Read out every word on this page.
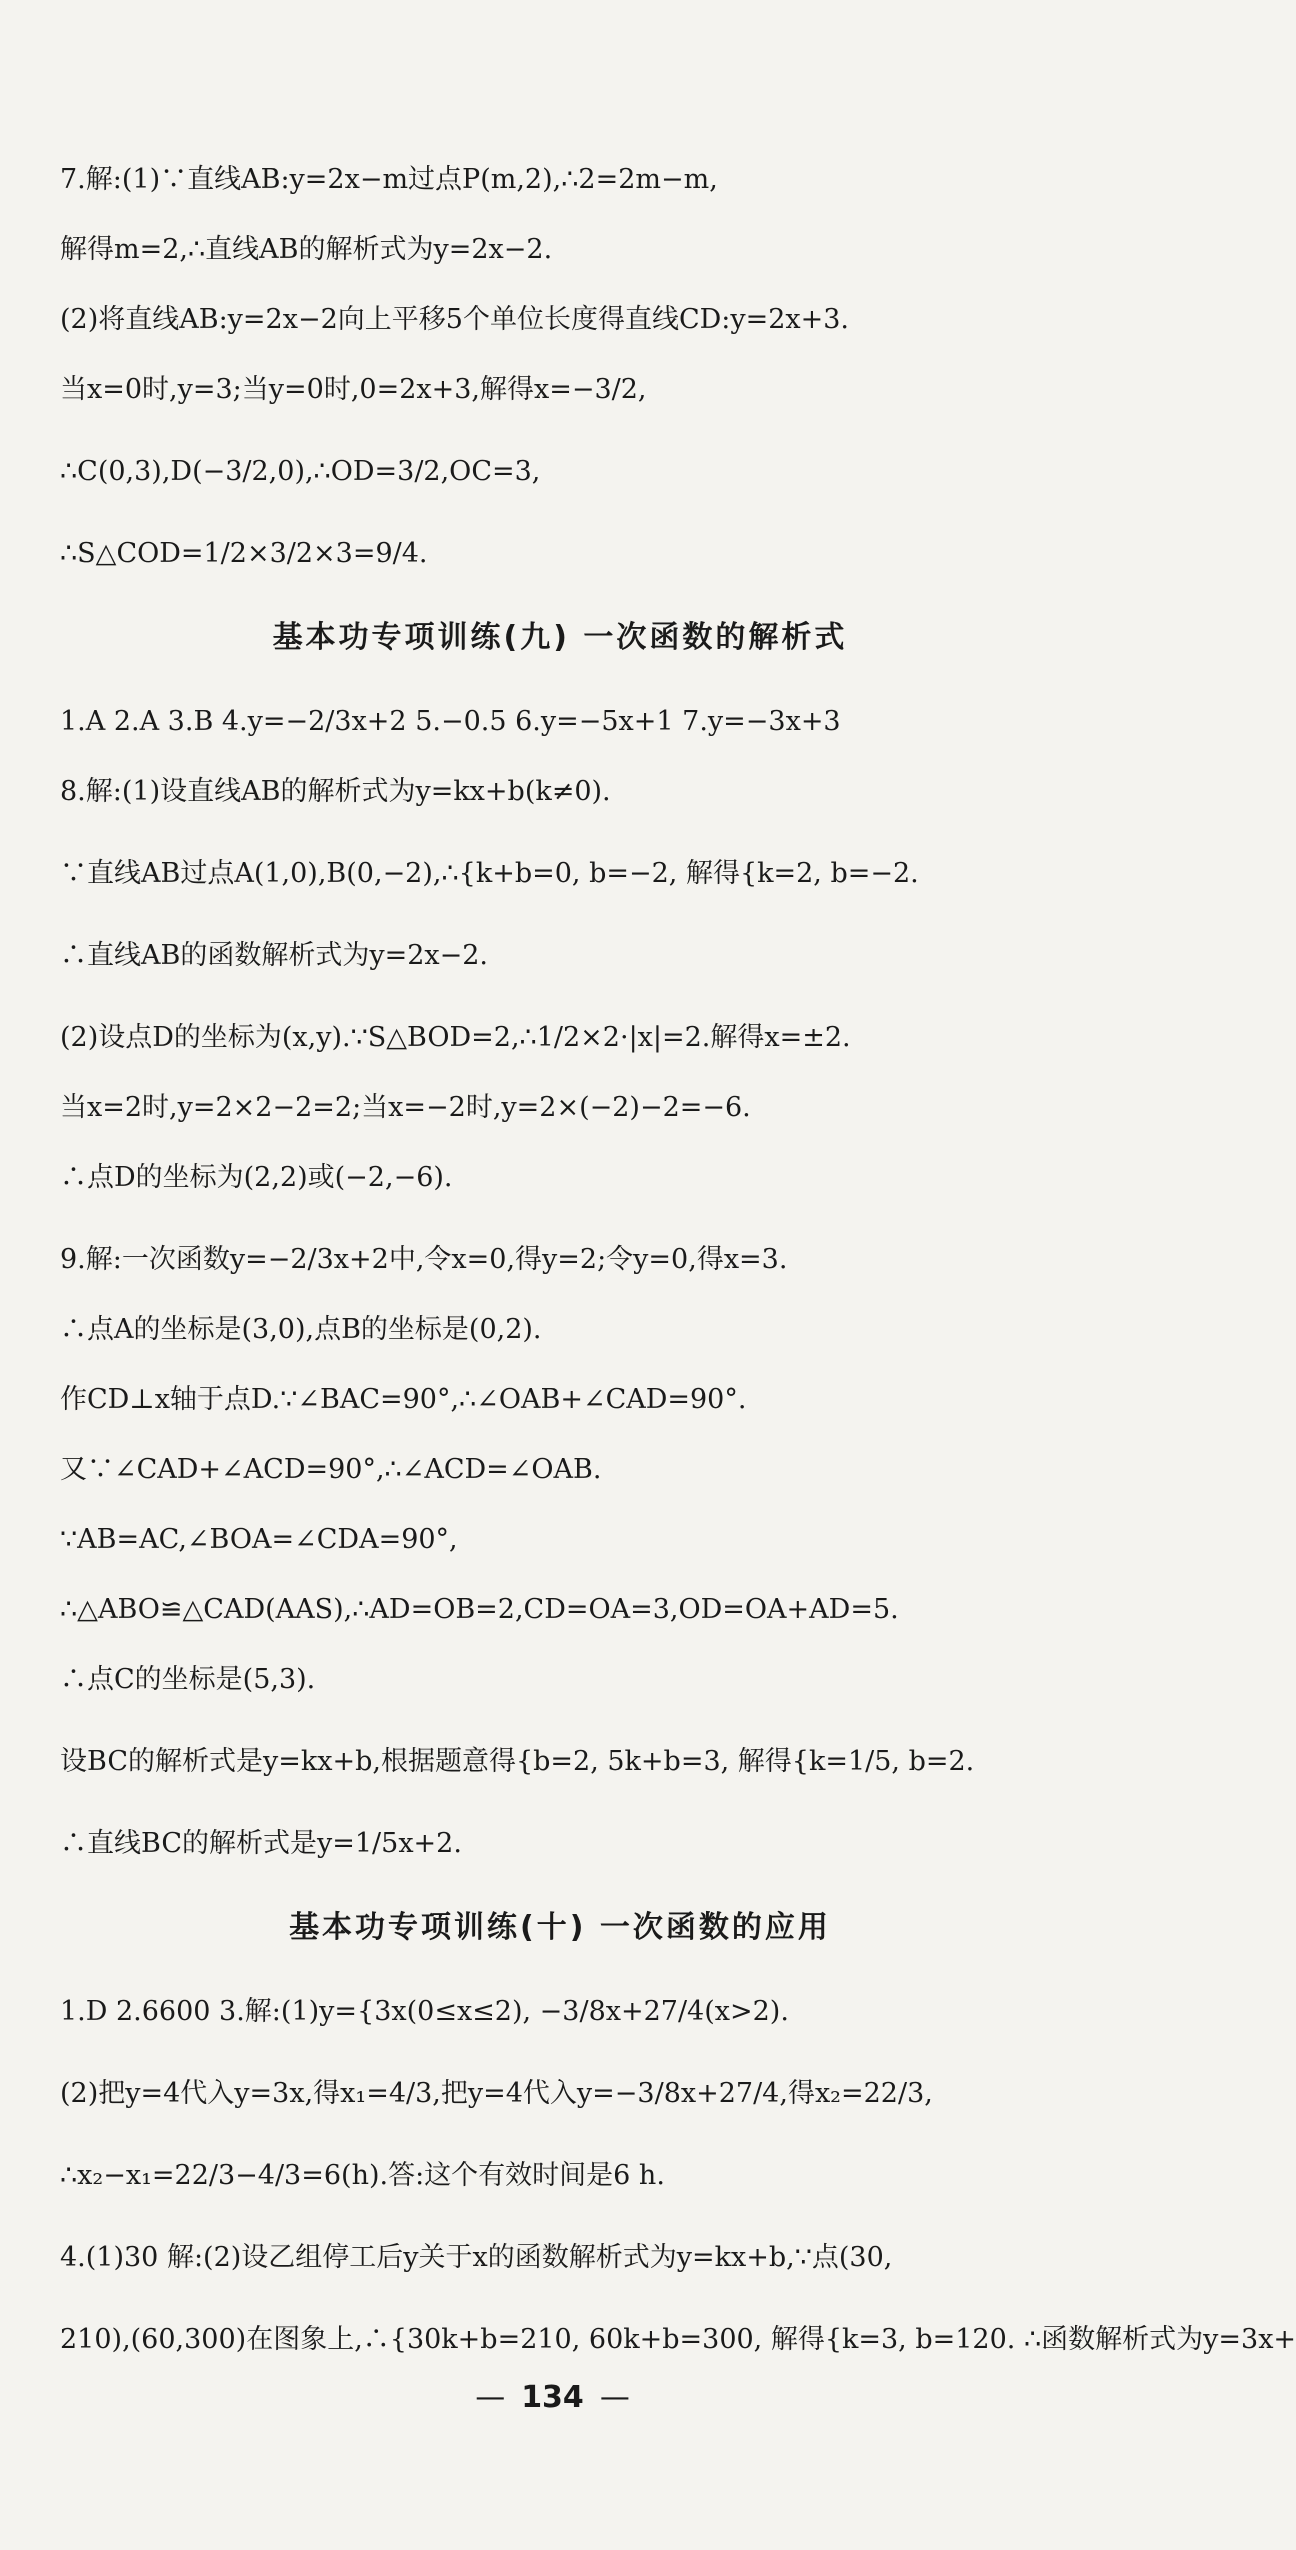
7.解:(1)∵直线AB:y=2x−m过点P(m,2),∴2=2m−m,

解得m=2,∴直线AB的解析式为y=2x−2.

(2)将直线AB:y=2x−2向上平移5个单位长度得直线CD:y=2x+3.

当x=0时,y=3;当y=0时,0=2x+3,解得x=−3/2,

∴C(0,3),D(−3/2,0),∴OD=3/2,OC=3,

∴S△COD=1/2×3/2×3=9/4.

基本功专项训练(九) 一次函数的解析式

1.A 2.A 3.B 4.y=−2/3x+2 5.−0.5 6.y=−5x+1 7.y=−3x+3

8.解:(1)设直线AB的解析式为y=kx+b(k≠0).

∵直线AB过点A(1,0),B(0,−2),∴{k+b=0, b=−2, 解得{k=2, b=−2.

∴直线AB的函数解析式为y=2x−2.

(2)设点D的坐标为(x,y).∵S△BOD=2,∴1/2×2·|x|=2.解得x=±2.

当x=2时,y=2×2−2=2;当x=−2时,y=2×(−2)−2=−6.

∴点D的坐标为(2,2)或(−2,−6).

9.解:一次函数y=−2/3x+2中,令x=0,得y=2;令y=0,得x=3.

∴点A的坐标是(3,0),点B的坐标是(0,2).

作CD⊥x轴于点D.∵∠BAC=90°,∴∠OAB+∠CAD=90°.

又∵∠CAD+∠ACD=90°,∴∠ACD=∠OAB.

∵AB=AC,∠BOA=∠CDA=90°,

∴△ABO≌△CAD(AAS),∴AD=OB=2,CD=OA=3,OD=OA+AD=5.

∴点C的坐标是(5,3).

设BC的解析式是y=kx+b,根据题意得{b=2, 5k+b=3, 解得{k=1/5, b=2.

∴直线BC的解析式是y=1/5x+2.

基本功专项训练(十) 一次函数的应用

1.D 2.6600 3.解:(1)y={3x(0≤x≤2), −3/8x+27/4(x>2).

(2)把y=4代入y=3x,得x₁=4/3,把y=4代入y=−3/8x+27/4,得x₂=22/3,

∴x₂−x₁=22/3−4/3=6(h).答:这个有效时间是6 h.

4.(1)30 解:(2)设乙组停工后y关于x的函数解析式为y=kx+b,∵点(30,

210),(60,300)在图象上,∴{30k+b=210, 60k+b=300, 解得{k=3, b=120. ∴函数解析式为y=3x+

— 134 —
